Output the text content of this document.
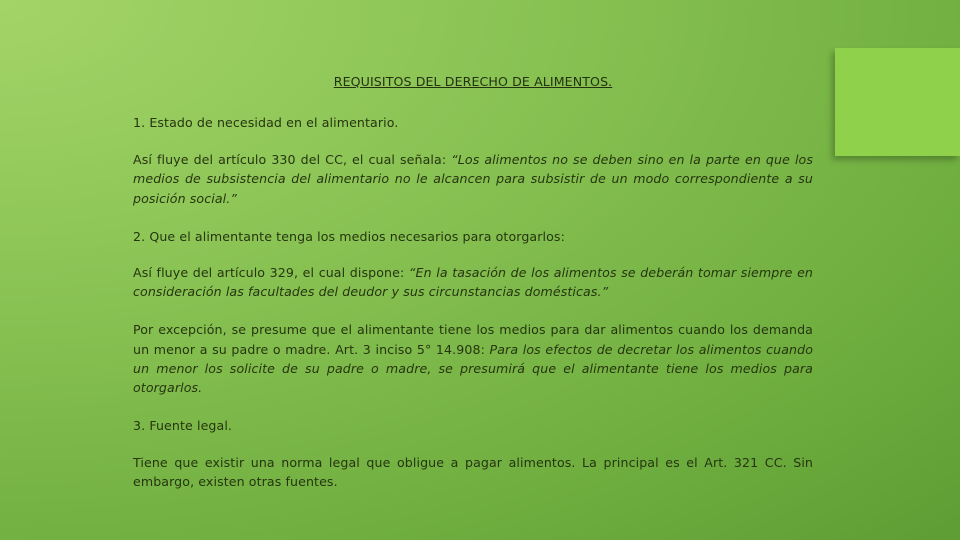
REQUISITOS DEL DERECHO DE ALIMENTOS.

1. Estado de necesidad en el alimentario.

Así fluye del artículo 330 del CC, el cual señala: “Los alimentos no se deben sino en la parte en que los medios de subsistencia del alimentario no le alcancen para subsistir de un modo correspondiente a su posición social.”

2. Que el alimentante tenga los medios necesarios para otorgarlos:

Así fluye del artículo 329, el cual dispone: “En la tasación de los alimentos se deberán tomar siempre en consideración las facultades del deudor y sus circunstancias domésticas.”

Por excepción, se presume que el alimentante tiene los medios para dar alimentos cuando los demanda un menor a su padre o madre. Art. 3 inciso 5° 14.908: Para los efectos de decretar los alimentos cuando un menor los solicite de su padre o madre, se presumirá que el alimentante tiene los medios para otorgarlos.

3. Fuente legal.

Tiene que existir una norma legal que obligue a pagar alimentos. La principal es el Art. 321 CC. Sin embargo, existen otras fuentes.
